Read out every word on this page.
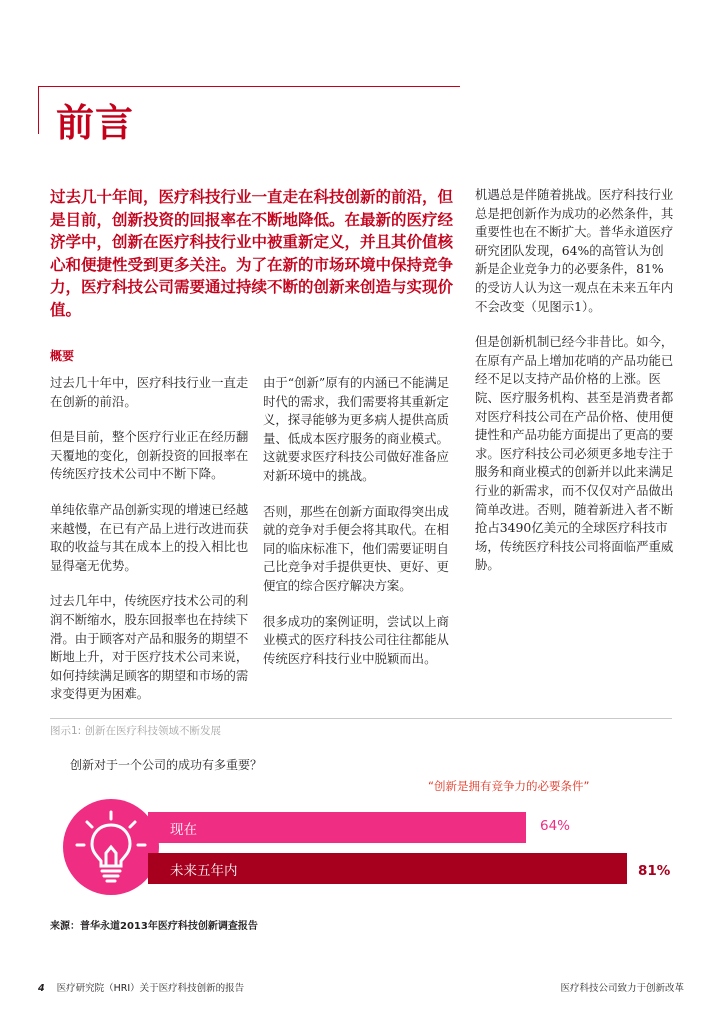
前言

过去几十年间，医疗科技行业一直走在科技创新的前沿，但是目前，创新投资的回报率在不断地降低。在最新的医疗经济学中，创新在医疗科技行业中被重新定义，并且其价值核心和便捷性受到更多关注。为了在新的市场环境中保持竞争力，医疗科技公司需要通过持续不断的创新来创造与实现价值。

概要

过去几十年中，医疗科技行业一直走在创新的前沿。

但是目前，整个医疗行业正在经历翻天覆地的变化，创新投资的回报率在传统医疗技术公司中不断下降。

单纯依靠产品创新实现的增速已经越来越慢，在已有产品上进行改进而获取的收益与其在成本上的投入相比也显得毫无优势。

过去几年中，传统医疗技术公司的利润不断缩水，股东回报率也在持续下滑。由于顾客对产品和服务的期望不断地上升，对于医疗技术公司来说，如何持续满足顾客的期望和市场的需求变得更为困难。

由于“创新”原有的内涵已不能满足时代的需求，我们需要将其重新定义，探寻能够为更多病人提供高质量、低成本医疗服务的商业模式。这就要求医疗科技公司做好准备应对新环境中的挑战。

否则，那些在创新方面取得突出成就的竞争对手便会将其取代。在相同的临床标准下，他们需要证明自己比竞争对手提供更快、更好、更便宜的综合医疗解决方案。

很多成功的案例证明，尝试以上商业模式的医疗科技公司往往都能从传统医疗科技行业中脱颖而出。

机遇总是伴随着挑战。医疗科技行业总是把创新作为成功的必然条件，其重要性也在不断扩大。普华永道医疗研究团队发现，64%的高管认为创新是企业竞争力的必要条件，81%的受访人认为这一观点在未来五年内不会改变（见图示1）。

但是创新机制已经今非昔比。如今，在原有产品上增加花哨的产品功能已经不足以支持产品价格的上涨。医院、医疗服务机构、甚至是消费者都对医疗科技公司在产品价格、使用便捷性和产品功能方面提出了更高的要求。医疗科技公司必须更多地专注于服务和商业模式的创新并以此来满足行业的新需求，而不仅仅对产品做出简单改进。否则，随着新进入者不断抢占3490亿美元的全球医疗科技市场，传统医疗科技公司将面临严重威胁。

图示1: 创新在医疗科技领域不断发展

创新对于一个公司的成功有多重要？

“创新是拥有竞争力的必要条件”

现在
未来五年内
64%
81%

来源：普华永道2013年医疗科技创新调查报告

4 医疗研究院（HRI）关于医疗科技创新的报告	医疗科技公司致力于创新改革
